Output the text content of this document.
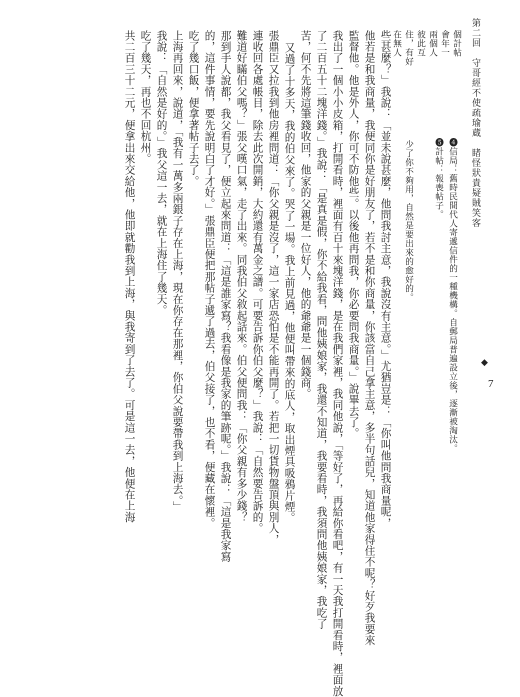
第二回　守哥經不使疏瑜蔵　睹怪狀貴疑賊笑客
◆
7
❹信局：舊時民間代人寄遞信件的一種機構。自郵局普遍設立後，逐漸被淘汰。
❺計帖：報喪帖子。
兩個人
彼此互
住，有好
在無人	會年一 個計帖
些甚麼？」我說：「並未說甚麼，他問我討主意，我說沒有主意。」尤猶豈是：「你叫他問我商量呢，
他若是和我商量，我便同你是好朋友了，若不是和你商量，你該當自己拿主意，多半句話兒，知道他家得住不呢？好歹我要來
監督他。他是外人，你可不防他些。以後他再問我，你必要問我商量。」說畢去了。
我出了一個小小皮箱，打開看時，裡面有百十來塊洋錢，是在我們家裡，我同他說，「等好了，再給你看吧，有一天我打開看時，裡面放
了二百五十二塊洋錢。」我說：「是真是假，你不給我看，問他姨娘家，我還不知道，我要看時，我須問他姨娘家，我吃了
苦，何不先將這筆錢收回，他家的父親是一位好人，他的爺爺是一個錢商。
又過了十多天，我的伯父來了。哭了一場。我上前見過，他便叫帶來的底人，取出煙具吸鴉片煙。
張鼎臣又拉我到他房裡問道：「你父親是沒了，這一家店恐怕是不能再開了。若把一切貨物盤頂與別人，
連收回各處帳目，除去此次開銷，大約還有萬金之譜。可要告訴你伯父麼？」我說：「自然要告訴的。
難道好瞞伯父嗎？」張父嘆口氣，走了出來。同我伯父敘起話來。伯父便問我：「你父親有多少錢？
那到手人說都，我父看見了，便立起來問道：「這是誰家寫？我看像是我家的筆跡呢。」我說：「這是我家寫
的，這件事情，要先說明白了才好。」張鼎臣便把那帖子遞了過去，伯父接了，也不看，便藏在懷裡。
吃了幾口飯，便拿著帖子去了。
上海再回來，說道，「我有一萬多兩銀子存在上海，現在你存在那裡，你伯父說要帶我到上海去。」
我說：「自然是好的。」我父這一去，就在上海住了幾天。
吃了幾天，再也不回杭州。
共二百三十二元，便拿出來交給他，他即就勸我到上海，與我寄到了去了。可是這一去，他便在上海	少了你不夠用，自然是要出來的愈好的。
